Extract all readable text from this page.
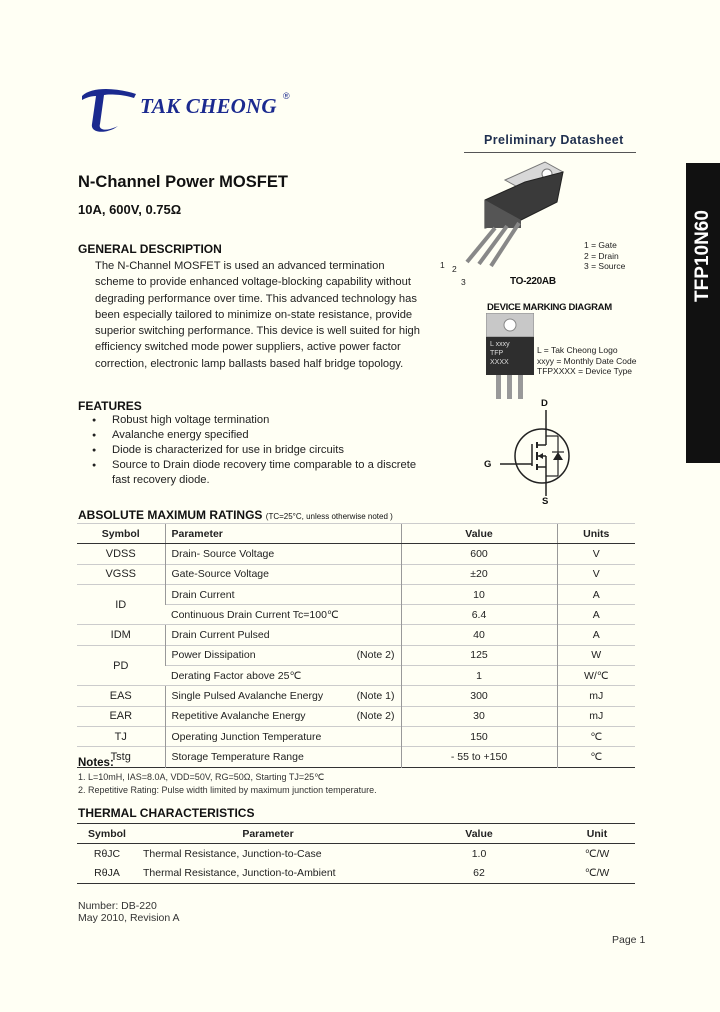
TAK CHEONG ®
Preliminary Datasheet
TFP10N60
N-Channel Power MOSFET
10A, 600V, 0.75Ω
GENERAL DESCRIPTION
The N-Channel MOSFET is used an advanced termination scheme to provide enhanced voltage-blocking capability without degrading performance over time. This advanced technology has been especially tailored to minimize on-state resistance, provide superior switching performance. This device is well suited for high efficiency switched mode power suppliers, active power factor correction, electronic lamp ballasts based half bridge topology.
FEATURES
● Robust high voltage termination
● Avalanche energy specified
● Diode is characterized for use in bridge circuits
● Source to Drain diode recovery time comparable to a discrete fast recovery diode.
1 2
3	TO-220AB
1 = Gate
2 = Drain
3 = Source
DEVICE MARKING DIAGRAM
L xxxy
TFP
XXXX
L = Tak Cheong Logo
xxyy = Monthly Date Code
TFPXXXX = Device Type
D
G
S
ABSOLUTE MAXIMUM RATINGS (TC=25°C, unless otherwise noted )
Symbol	Parameter	Value	Units
VDSS	Drain- Source Voltage	600	V
VGSS	Gate-Source Voltage	±20	V
ID	Drain Current	10	A
	Continuous Drain Current Tc=100℃	6.4	A
IDM	Drain Current Pulsed	40	A
PD	Power Dissipation (Note 2)	125	W
	Derating Factor above 25℃	1	W/℃
EAS	Single Pulsed Avalanche Energy (Note 1)	300	mJ
EAR	Repetitive Avalanche Energy (Note 2)	30	mJ
TJ	Operating Junction Temperature	150	℃
Tstg	Storage Temperature Range	- 55 to +150	℃
Notes:
1. L=10mH, IAS=8.0A, VDD=50V, RG=50Ω, Starting TJ=25℃
2. Repetitive Rating: Pulse width limited by maximum junction temperature.
THERMAL CHARACTERISTICS
Symbol	Parameter	Value	Unit
RθJC	Thermal Resistance, Junction-to-Case	1.0	℃/W
RθJA	Thermal Resistance, Junction-to-Ambient	62	℃/W
Number: DB-220
May 2010, Revision A
Page 1
